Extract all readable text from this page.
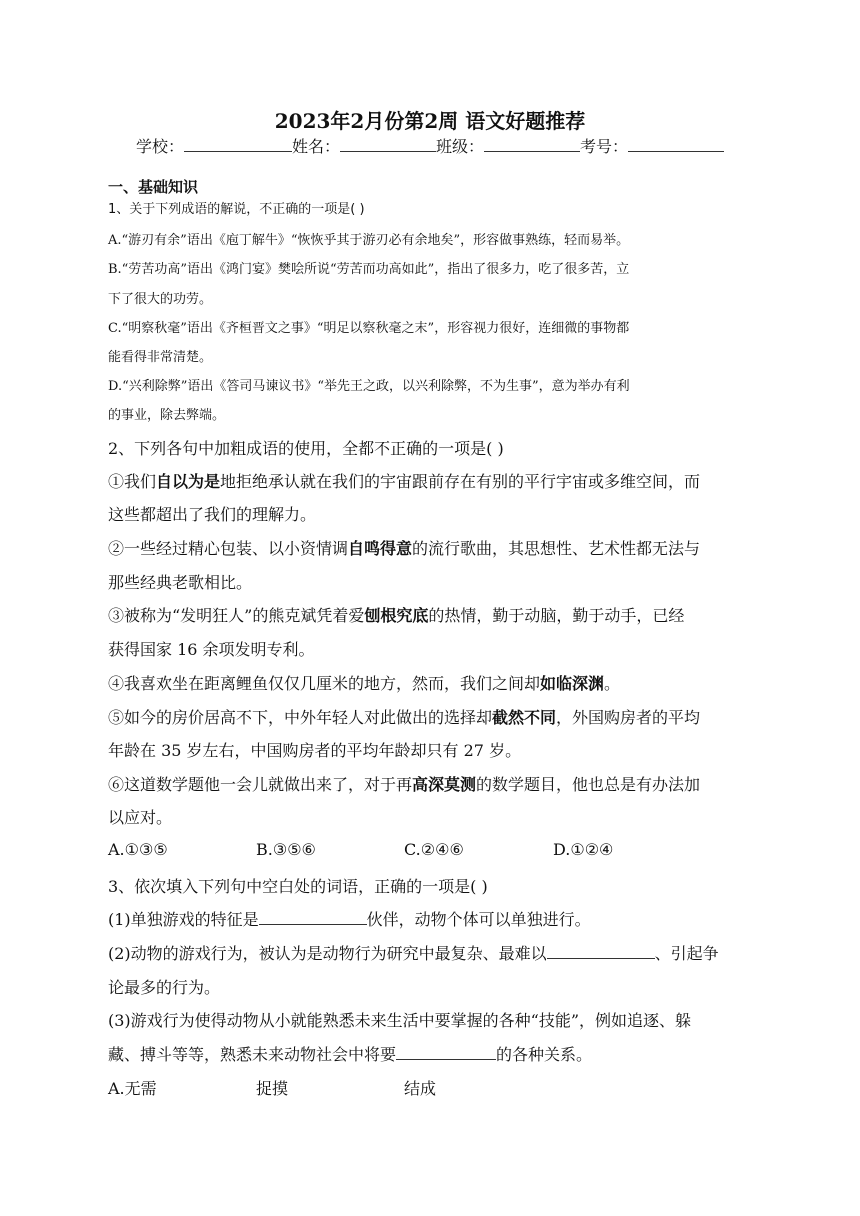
2023年2月份第2周 语文好题推荐
学校：	姓名：	班级：	考号：
一、基础知识
1、关于下列成语的解说，不正确的一项是( )
A.“游刃有余”语出《庖丁解牛》“恢恢乎其于游刃必有余地矣”，形容做事熟练，轻而易举。
B.“劳苦功高”语出《鸿门宴》樊哙所说“劳苦而功高如此”，指出了很多力，吃了很多苦，立
下了很大的功劳。
C.“明察秋毫”语出《齐桓晋文之事》“明足以察秋毫之末”，形容视力很好，连细微的事物都
能看得非常清楚。
D.“兴利除弊”语出《答司马谏议书》“举先王之政，以兴利除弊，不为生事”，意为举办有利
的事业，除去弊端。
2、下列各句中加粗成语的使用，全都不正确的一项是( )
①我们自以为是地拒绝承认就在我们的宇宙跟前存在有别的平行宇宙或多维空间，而
这些都超出了我们的理解力。
②一些经过精心包装、以小资情调自鸣得意的流行歌曲，其思想性、艺术性都无法与
那些经典老歌相比。
③被称为“发明狂人”的熊克斌凭着爱刨根究底的热情，勤于动脑，勤于动手，已经
获得国家 16 余项发明专利。
④我喜欢坐在距离鲤鱼仅仅几厘米的地方，然而，我们之间却如临深渊。
⑤如今的房价居高不下，中外年轻人对此做出的选择却截然不同，外国购房者的平均
年龄在 35 岁左右，中国购房者的平均年龄却只有 27 岁。
⑥这道数学题他一会儿就做出来了，对于再高深莫测的数学题目，他也总是有办法加
以应对。
A.①③⑤	B.③⑤⑥	C.②④⑥	D.①②④
3、依次填入下列句中空白处的词语，正确的一项是( )
(1)单独游戏的特征是	伙伴，动物个体可以单独进行。
(2)动物的游戏行为，被认为是动物行为研究中最复杂、最难以	、引起争
论最多的行为。
(3)游戏行为使得动物从小就能熟悉未来生活中要掌握的各种“技能”，例如追逐、躲
藏、搏斗等等，熟悉未来动物社会中将要	的各种关系。
A.无需	捉摸	结成
